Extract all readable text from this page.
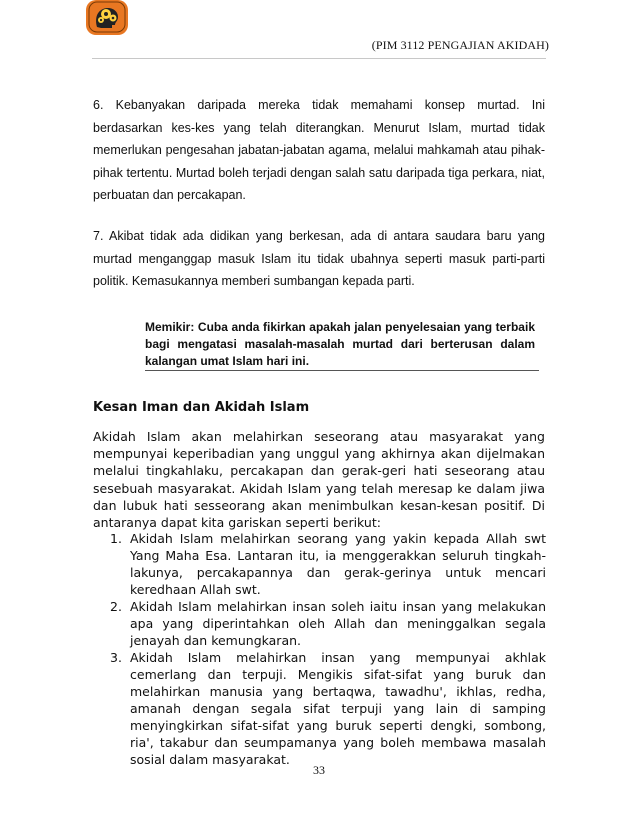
(PIM 3112 PENGAJIAN AKIDAH)

6. Kebanyakan daripada mereka tidak memahami konsep murtad. Ini berdasarkan kes-kes yang telah diterangkan. Menurut Islam, murtad tidak memerlukan pengesahan jabatan-jabatan agama, melalui mahkamah atau pihak-pihak tertentu. Murtad boleh terjadi dengan salah satu daripada tiga perkara, niat, perbuatan dan percakapan.

7. Akibat tidak ada didikan yang berkesan, ada di antara saudara baru yang murtad menganggap masuk Islam itu tidak ubahnya seperti masuk parti-parti politik. Kemasukannya memberi sumbangan kepada parti.

Memikir: Cuba anda fikirkan apakah jalan penyelesaian yang terbaik bagi mengatasi masalah-masalah murtad dari berterusan dalam kalangan umat Islam hari ini.
Kesan Iman dan Akidah Islam

Akidah Islam akan melahirkan seseorang atau masyarakat yang mempunyai keperibadian yang unggul yang akhirnya akan dijelmakan melalui tingkahlaku, percakapan dan gerak-geri hati seseorang atau sesebuah masyarakat. Akidah Islam yang telah meresap ke dalam jiwa dan lubuk hati sesseorang akan menimbulkan kesan-kesan positif. Di antaranya dapat kita gariskan seperti berikut:

1. Akidah Islam melahirkan seorang yang yakin kepada Allah swt Yang Maha Esa. Lantaran itu, ia menggerakkan seluruh tingkah-lakunya, percakapannya dan gerak-gerinya untuk mencari keredhaan Allah swt.
2. Akidah Islam melahirkan insan soleh iaitu insan yang melakukan apa yang diperintahkan oleh Allah dan meninggalkan segala jenayah dan kemungkaran.
3. Akidah Islam melahirkan insan yang mempunyai akhlak cemerlang dan terpuji. Mengikis sifat-sifat yang buruk dan melahirkan manusia yang bertaqwa, tawadhu', ikhlas, redha, amanah dengan segala sifat terpuji yang lain di samping menyingkirkan sifat-sifat yang buruk seperti dengki, sombong, ria', takabur dan seumpamanya yang boleh membawa masalah sosial dalam masyarakat.
33
